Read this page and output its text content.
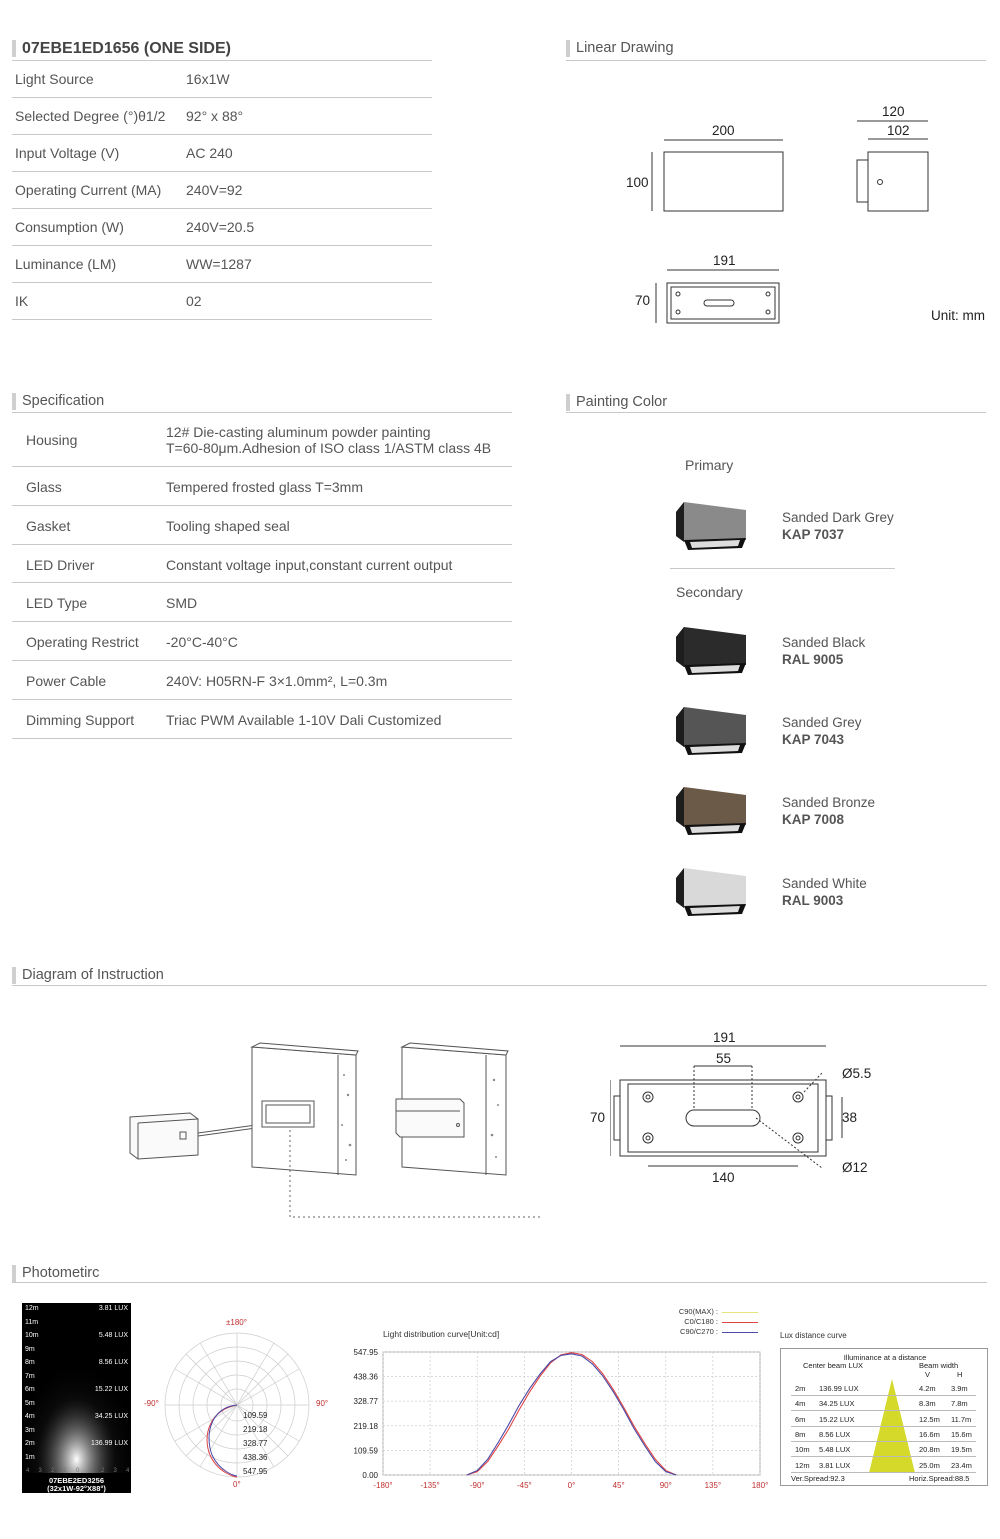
07EBE1ED1656 (ONE SIDE)
Light Source	16x1W
Selected Degree (°)θ1/2 92° x 88°
Input Voltage (V)	AC 240
Operating Current (MA) 240V=92
Consumption (W)	240V=20.5
Luminance (LM)	WW=1287
IK	02
Linear Drawing
200
100
120
102
191
70
Unit: mm
Specification
Housing	12# Die-casting aluminum powder painting
T=60-80μm.Adhesion of ISO class 1/ASTM class 4B
Glass	Tempered frosted glass T=3mm
Gasket	Tooling shaped seal
LED Driver	Constant voltage input,constant current output
LED Type	SMD
Operating Restrict -20°C-40°C
Power Cable	240V: H05RN-F 3×1.0mm², L=0.3m
Dimming Support Triac PWM Available 1-10V Dali Customized
Painting Color
Primary
Secondary
Sanded Dark Grey
KAP 7037
Sanded Black
RAL 9005
Sanded Grey
KAP 7043
Sanded Bronze
KAP 7008
Sanded White
RAL 9003
Diagram of Instruction
191
55
Ø5.5
70	38
Ø12
140
Photometirc
12m
11m
10m
9m
8m
7m
6m
5m
4m
3m
2m
1m
3.81 LUX
5.48 LUX
8.56 LUX
15.22 LUX
34.25 LUX
136.99 LUX
4 3 2 1 0 1 2 3 4
07EBE2ED3256
(32x1W-92°X88°)
±180°
-90°	90°
0°
109.59
219.18
328.77
438.36
547.95
Light distribution curve[Unit:cd]
C90(MAX) :
C0/C180 :
C90/C270 :
0.00
109.59
219.18
328.77
438.36
547.95
-180°	-135°	-90°	-45°	0°	45°	90°	135°	180°
Lux distance curve
Illuminance at a distance
Center beam LUX	Beam width
V	H
2m 136.99 LUX	4.2m 3.9m
4m 34.25 LUX	8.3m 7.8m
6m 15.22 LUX	12.5m 11.7m
8m 8.56 LUX	16.6m 15.6m
10m 5.48 LUX	20.8m 19.5m
12m 3.81 LUX	25.0m 23.4m
Ver.Spread:92.3	Horiz.Spread:88.5
